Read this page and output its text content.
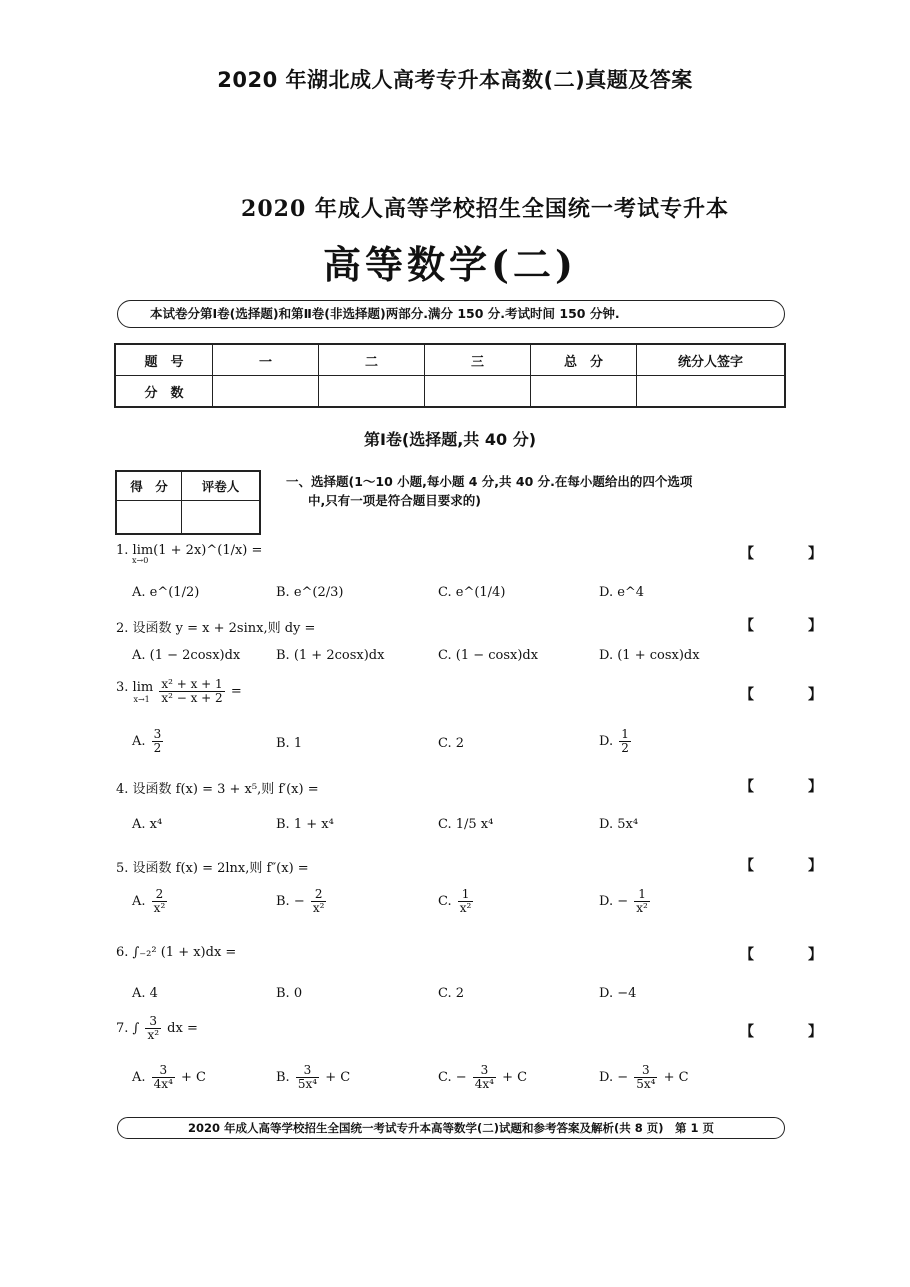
2020 年湖北成人高考专升本高数(二)真题及答案
2020 年成人高等学校招生全国统一考试专升本
高等数学(二)
本试卷分第Ⅰ卷(选择题)和第Ⅱ卷(非选择题)两部分.满分 150 分.考试时间 150 分钟.
题　号	一	二	三	总　分	统分人签字
分　数					
第Ⅰ卷(选择题,共 40 分)
得　分	评卷人
		一、选择题(1～10 小题,每小题 4 分,共 40 分.在每小题给出的四个选项
中,只有一项是符合题目要求的)
1. lim(1 + 2x)^(1/x) =
x→0	【　】
A. e^(1/2)	B. e^(2/3)	C. e^(1/4)	D. e^4
2. 设函数 y = x + 2sinx,则 dy =	【　】
A. (1 − 2cosx)dx	B. (1 + 2cosx)dx	C. (1 − cosx)dx	D. (1 + cosx)dx
3. lim
x→1
$\frac{\text{x² + x + 1}}{\text{x² − x + 2}}$ =	【　】
A. $\frac{3}{2}$	B. 1	C. 2	D. $\frac{1}{2}$
4. 设函数 f(x) = 3 + x⁵,则 f′(x) =	【　】
A. x⁴	B. 1 + x⁴	C. 1/5 x⁴	D. 5x⁴
5. 设函数 f(x) = 2lnx,则 f″(x) =	【　】
A. $\frac{2}{\text{x²}}$	B. − $\frac{2}{\text{x²}}$	C. $\frac{1}{\text{x²}}$	D. − $\frac{1}{\text{x²}}$
6. ∫₋₂² (1 + x)dx =	【　】
A. 4	B. 0	C. 2	D. −4
7. ∫ $\frac{3}{\text{x²}}$ dx =	【　】
A. $\frac{3}{\text{4x⁴}} + C$	B. $\frac{3}{\text{5x⁴}} + C$	C. − $\frac{3}{\text{4x⁴}} + C$	D. − $\frac{3}{\text{5x⁴}} + C$
2020 年成人高等学校招生全国统一考试专升本高等数学(二)试题和参考答案及解析(共 8 页)　第 1 页
